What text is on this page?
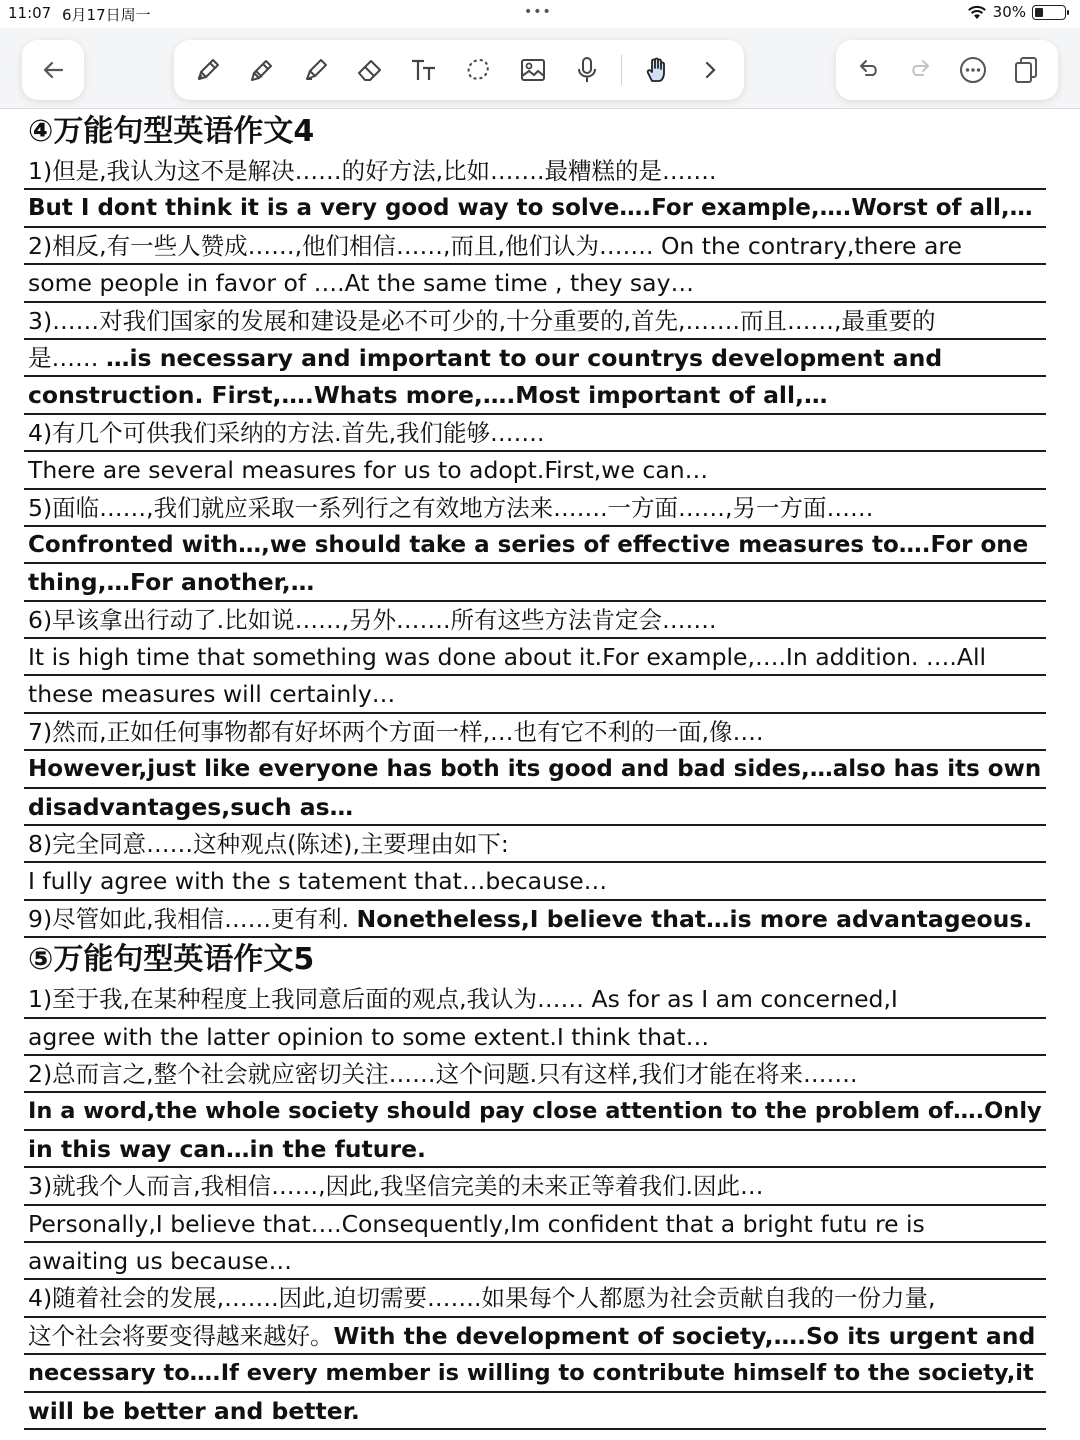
11:07 6月17日周一	•••	30%
④万能句型英语作文4
1)但是,我认为这不是解决……的好方法,比如…….最糟糕的是…….
But I dont think it is a very good way to solve….For example,….Worst of all,…
2)相反,有一些人赞成……,他们相信……,而且,他们认为……. On the contrary,there are
some people in favor of ….At the same time , they say…
3)……对我们国家的发展和建设是必不可少的,十分重要的,首先,…….而且……,最重要的
是…… …is necessary and important to our countrys development and
construction. First,….Whats more,….Most important of all,…
4)有几个可供我们采纳的方法.首先,我们能够…….
There are several measures for us to adopt.First,we can…
5)面临……,我们就应采取一系列行之有效地方法来…….一方面……,另一方面……
Confronted with…,we should take a series of effective measures to….For one
thing,…For another,…
6)早该拿出行动了.比如说……,另外…….所有这些方法肯定会…….
It is high time that something was done about it.For example,….In addition. ….All
these measures will certainly…
7)然而,正如任何事物都有好坏两个方面一样,…也有它不利的一面,像….
However,just like everyone has both its good and bad sides,…also has its own
disadvantages,such as…
8)完全同意……这种观点(陈述),主要理由如下:
I fully agree with the s tatement that…because…
9)尽管如此,我相信……更有利. Nonetheless,I believe that…is more advantageous.
⑤万能句型英语作文5
1)至于我,在某种程度上我同意后面的观点,我认为…… As for as I am concerned,I
agree with the latter opinion to some extent.I think that…
2)总而言之,整个社会就应密切关注……这个问题.只有这样,我们才能在将来…….
In a word,the whole society should pay close attention to the problem of….Only
in this way can…in the future.
3)就我个人而言,我相信……,因此,我坚信完美的未来正等着我们.因此…
Personally,I believe that….Consequently,Im confident that a bright futu re is
awaiting us because…
4)随着社会的发展,…….因此,迫切需要…….如果每个人都愿为社会贡献自我的一份力量,
这个社会将要变得越来越好。With the development of society,….So its urgent and
necessary to….If every member is willing to contribute himself to the society,it
will be better and better.
